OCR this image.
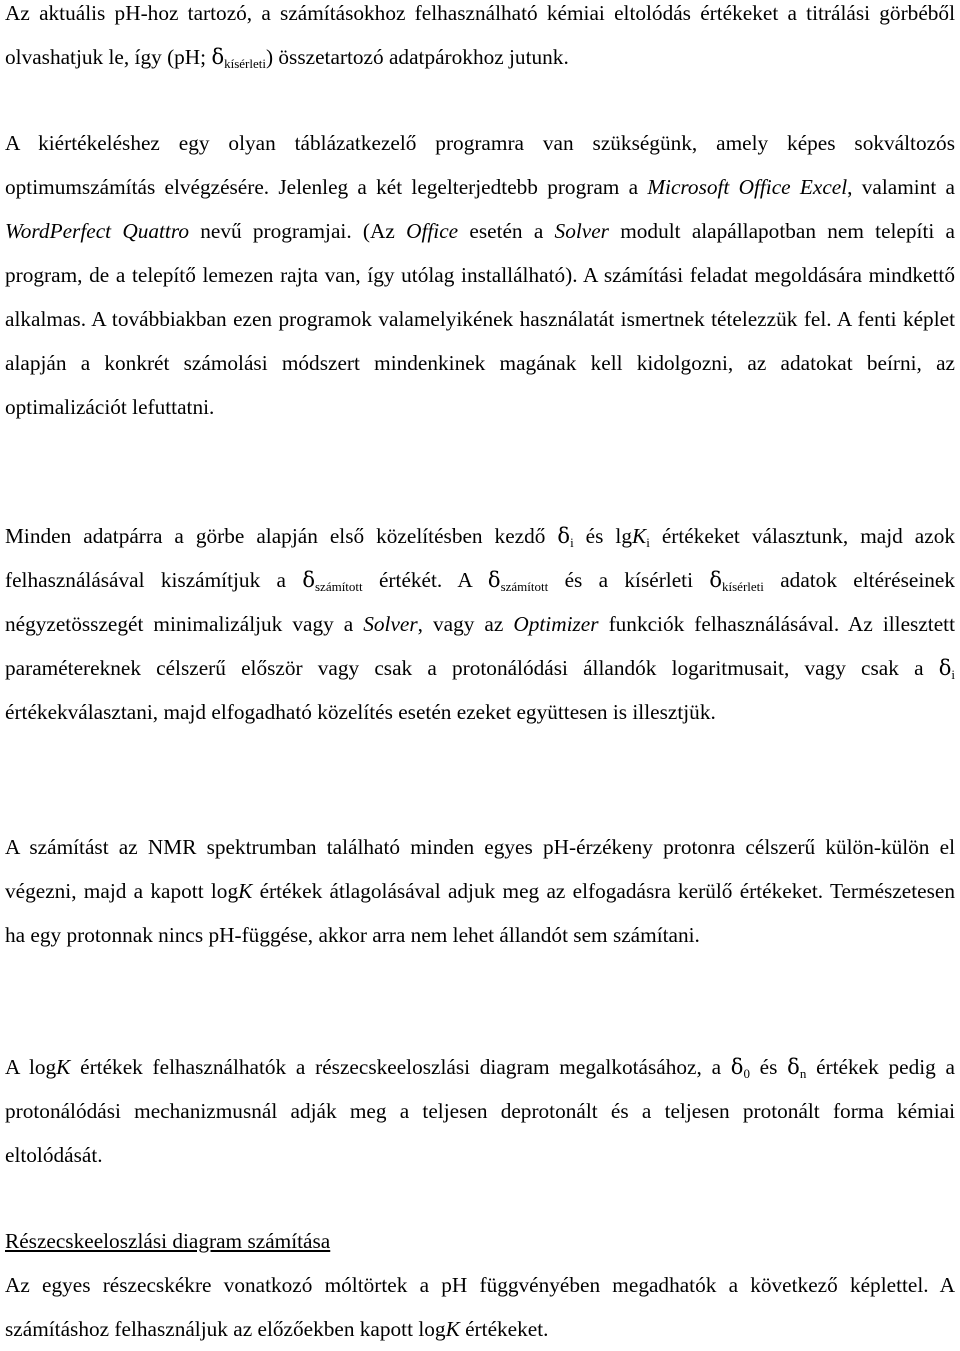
Az aktuális pH-hoz tartozó, a számításokhoz felhasználható kémiai eltolódás értékeket a titrálási görbéből olvashatjuk le, így (pH; $\delta_{kísérleti}$) összetartozó adatpárokhoz jutunk.

A kiértékeléshez egy olyan táblázatkezelő programra van szükségünk, amely képes sokváltozós optimumszámítás elvégzésére. Jelenleg a két legelterjedtebb program a Microsoft Office Excel, valamint a WordPerfect Quattro nevű programjai. (Az Office esetén a Solver modult alapállapotban nem telepíti a program, de a telepítő lemezen rajta van, így utólag installálható). A számítási feladat megoldására mindkettő alkalmas. A továbbiakban ezen programok valamelyikének használatát ismertnek tételezzük fel. A fenti képlet alapján a konkrét számolási módszert mindenkinek magának kell kidolgozni, az adatokat beírni, az optimalizációt lefuttatni.

Minden adatpárra a görbe alapján első közelítésben kezdő $\delta_i$ és lgK$_i$ értékeket választunk, majd azok felhasználásával kiszámítjuk a $\delta_{számított}$ értékét. A $\delta_{számított}$ és a kísérleti $\delta_{kísérleti}$ adatok eltéréseinek négyzetösszegét minimalizáljuk vagy a Solver, vagy az Optimizer funkciók felhasználásával. Az illesztett paramétereknek célszerű először vagy csak a protonálódási állandók logaritmusait, vagy csak a $\delta_i$ értékekválasztani, majd elfogadható közelítés esetén ezeket együttesen is illesztjük.

A számítást az NMR spektrumban található minden egyes pH-érzékeny protonra célszerű külön-külön el végezni, majd a kapott logK értékek átlagolásával adjuk meg az elfogadásra kerülő értékeket. Természetesen ha egy protonnak nincs pH-függése, akkor arra nem lehet állandót sem számítani.

A logK értékek felhasználhatók a részecskeeloszlási diagram megalkotásához, a $\delta_0$ és $\delta_n$ értékek pedig a protonálódási mechanizmusnál adják meg a teljesen deprotonált és a teljesen protonált forma kémiai eltolódását.

Részecskeeloszlási diagram számítása

Az egyes részecskékre vonatkozó móltörtek a pH függvényében megadhatók a következő képlettel. A számításhoz felhasználjuk az előzőekben kapott logK értékeket.
